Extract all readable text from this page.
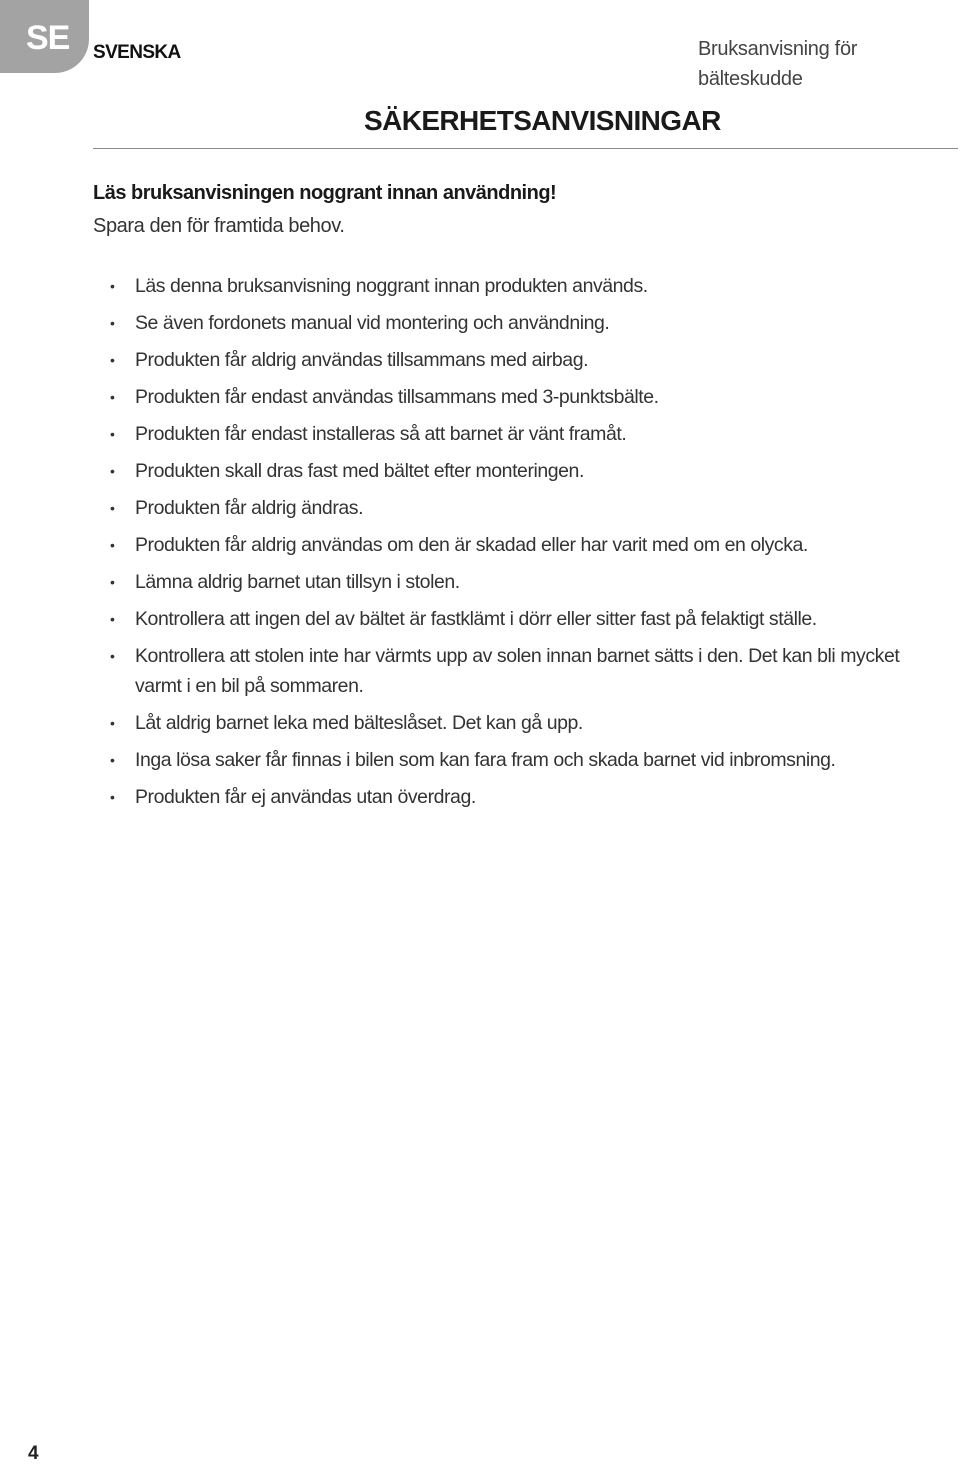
SE SVENSKA	Bruksanvisning för bälteskudde
SÄKERHETSANVISNINGAR
Läs bruksanvisningen noggrant innan användning!
Spara den för framtida behov.
• Läs denna bruksanvisning noggrant innan produkten används.
• Se även fordonets manual vid montering och användning.
• Produkten får aldrig användas tillsammans med airbag.
• Produkten får endast användas tillsammans med 3-punktsbälte.
• Produkten får endast installeras så att barnet är vänt framåt.
• Produkten skall dras fast med bältet efter monteringen.
• Produkten får aldrig ändras.
• Produkten får aldrig användas om den är skadad eller har varit med om en olycka.
• Lämna aldrig barnet utan tillsyn i stolen.
• Kontrollera att ingen del av bältet är fastklämt i dörr eller sitter fast på felaktigt ställe.
• Kontrollera att stolen inte har värmts upp av solen innan barnet sätts i den. Det kan bli mycket varmt i en bil på sommaren.
• Låt aldrig barnet leka med bälteslåset. Det kan gå upp.
• Inga lösa saker får finnas i bilen som kan fara fram och skada barnet vid inbromsning.
• Produkten får ej användas utan överdrag.
4
